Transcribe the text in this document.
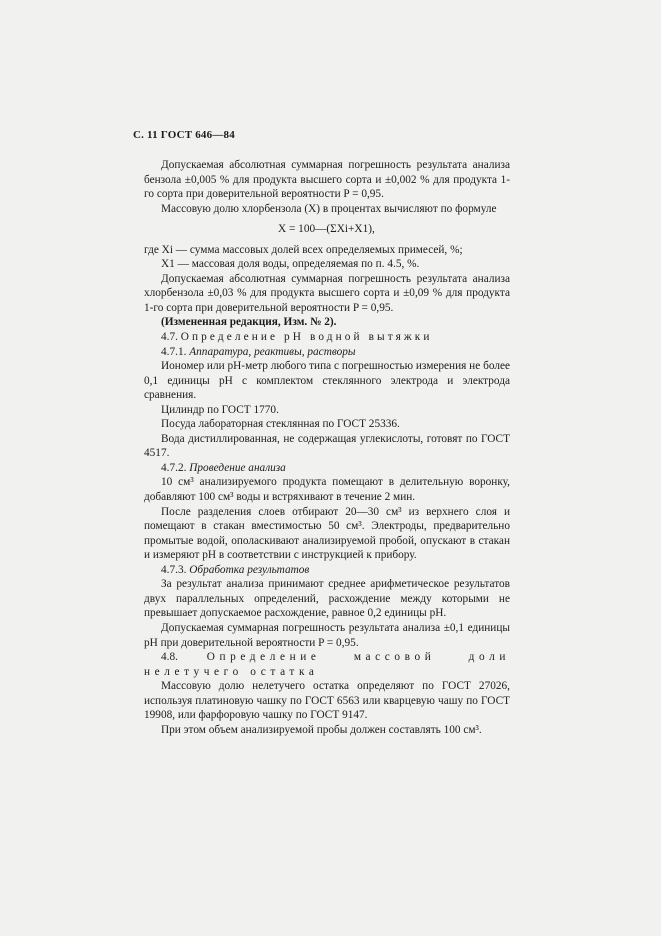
С. 11 ГОСТ 646—84

Допускаемая абсолютная суммарная погрешность результата анализа бензола ±0,005 % для продукта высшего сорта и ±0,002 % для продукта 1-го сорта при доверительной вероятности P = 0,95.

Массовую долю хлорбензола (X) в процентах вычисляют по формуле

X = 100—(ΣXi+X1),

где Xi — сумма массовых долей всех определяемых примесей, %;

X1 — массовая доля воды, определяемая по п. 4.5, %.

Допускаемая абсолютная суммарная погрешность результата анализа хлорбензола ±0,03 % для продукта высшего сорта и ±0,09 % для продукта 1-го сорта при доверительной вероятности P = 0,95.

(Измененная редакция, Изм. № 2).

4.7. Определение рН водной вытяжки

4.7.1. Аппаратура, реактивы, растворы

Иономер или рН-метр любого типа с погрешностью измерения не более 0,1 единицы рН с комплектом стеклянного электрода и электрода сравнения.

Цилиндр по ГОСТ 1770.

Посуда лабораторная стеклянная по ГОСТ 25336.

Вода дистиллированная, не содержащая углекислоты, готовят по ГОСТ 4517.

4.7.2. Проведение анализа

10 см³ анализируемого продукта помещают в делительную воронку, добавляют 100 см³ воды и встряхивают в течение 2 мин.

После разделения слоев отбирают 20—30 см³ из верхнего слоя и помещают в стакан вместимостью 50 см³. Электроды, предварительно промытые водой, ополаскивают анализируемой пробой, опускают в стакан и измеряют рН в соответствии с инструкцией к прибору.

4.7.3. Обработка результатов

За результат анализа принимают среднее арифметическое результатов двух параллельных определений, расхождение между которыми не превышает допускаемое расхождение, равное 0,2 единицы рН.

Допускаемая суммарная погрешность результата анализа ±0,1 единицы рН при доверительной вероятности P = 0,95.

4.8.	Определение массовой доли нелетучего остатка

Массовую долю нелетучего остатка определяют по ГОСТ 27026, используя платиновую чашку по ГОСТ 6563 или кварцевую чашу по ГОСТ 19908, или фарфоровую чашку по ГОСТ 9147.

При этом объем анализируемой пробы должен составлять 100 см³.
